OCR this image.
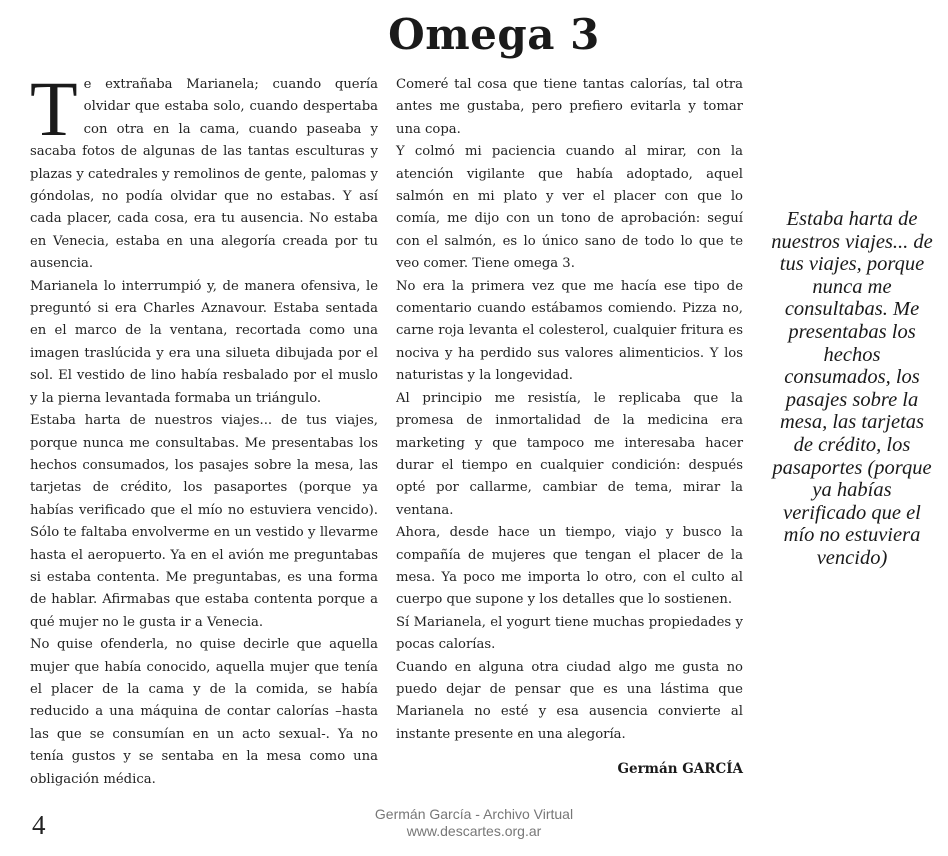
Omega 3

Te extrañaba Marianela; cuando quería olvidar que estaba solo, cuando despertaba con otra en la cama, cuando paseaba y sacaba fotos de algunas de las tantas esculturas y plazas y catedrales y remolinos de gente, palomas y góndolas, no podía olvidar que no estabas. Y así cada placer, cada cosa, era tu ausencia. No estaba en Venecia, estaba en una alegoría creada por tu ausencia.

Marianela lo interrumpió y, de manera ofensiva, le preguntó si era Charles Aznavour. Estaba sentada en el marco de la ventana, recortada como una imagen traslúcida y era una silueta dibujada por el sol. El vestido de lino había resbalado por el muslo y la pierna levantada formaba un triángulo.

Estaba harta de nuestros viajes... de tus viajes, porque nunca me consultabas. Me presentabas los hechos consumados, los pasajes sobre la mesa, las tarjetas de crédito, los pasaportes (porque ya habías verificado que el mío no estuviera vencido). Sólo te faltaba envolverme en un vestido y llevarme hasta el aeropuerto. Ya en el avión me preguntabas si estaba contenta. Me preguntabas, es una forma de hablar. Afirmabas que estaba contenta porque a qué mujer no le gusta ir a Venecia.

No quise ofenderla, no quise decirle que aquella mujer que había conocido, aquella mujer que tenía el placer de la cama y de la comida, se había reducido a una máquina de contar calorías –hasta las que se consumían en un acto sexual-. Ya no tenía gustos y se sentaba en la mesa como una obligación médica.

Comeré tal cosa que tiene tantas calorías, tal otra antes me gustaba, pero prefiero evitarla y tomar una copa.

Y colmó mi paciencia cuando al mirar, con la atención vigilante que había adoptado, aquel salmón en mi plato y ver el placer con que lo comía, me dijo con un tono de aprobación: seguí con el salmón, es lo único sano de todo lo que te veo comer. Tiene omega 3.

No era la primera vez que me hacía ese tipo de comentario cuando estábamos comiendo. Pizza no, carne roja levanta el colesterol, cualquier fritura es nociva y ha perdido sus valores alimenticios. Y los naturistas y la longevidad.

Al principio me resistía, le replicaba que la promesa de inmortalidad de la medicina era marketing y que tampoco me interesaba hacer durar el tiempo en cualquier condición: después opté por callarme, cambiar de tema, mirar la ventana.

Ahora, desde hace un tiempo, viajo y busco la compañía de mujeres que tengan el placer de la mesa. Ya poco me importa lo otro, con el culto al cuerpo que supone y los detalles que lo sostienen.

Sí Marianela, el yogurt tiene muchas propiedades y pocas calorías.

Cuando en alguna otra ciudad algo me gusta no puedo dejar de pensar que es una lástima que Marianela no esté y esa ausencia convierte al instante presente en una alegoría.

Germán GARCÍA
Estaba harta de nuestros viajes... de tus viajes, porque nunca me consultabas. Me presentabas los hechos consumados, los pasajes sobre la mesa, las tarjetas de crédito, los pasaportes (porque ya habías verificado que el mío no estuviera vencido)
4	Germán García - Archivo Virtual
www.descartes.org.ar
